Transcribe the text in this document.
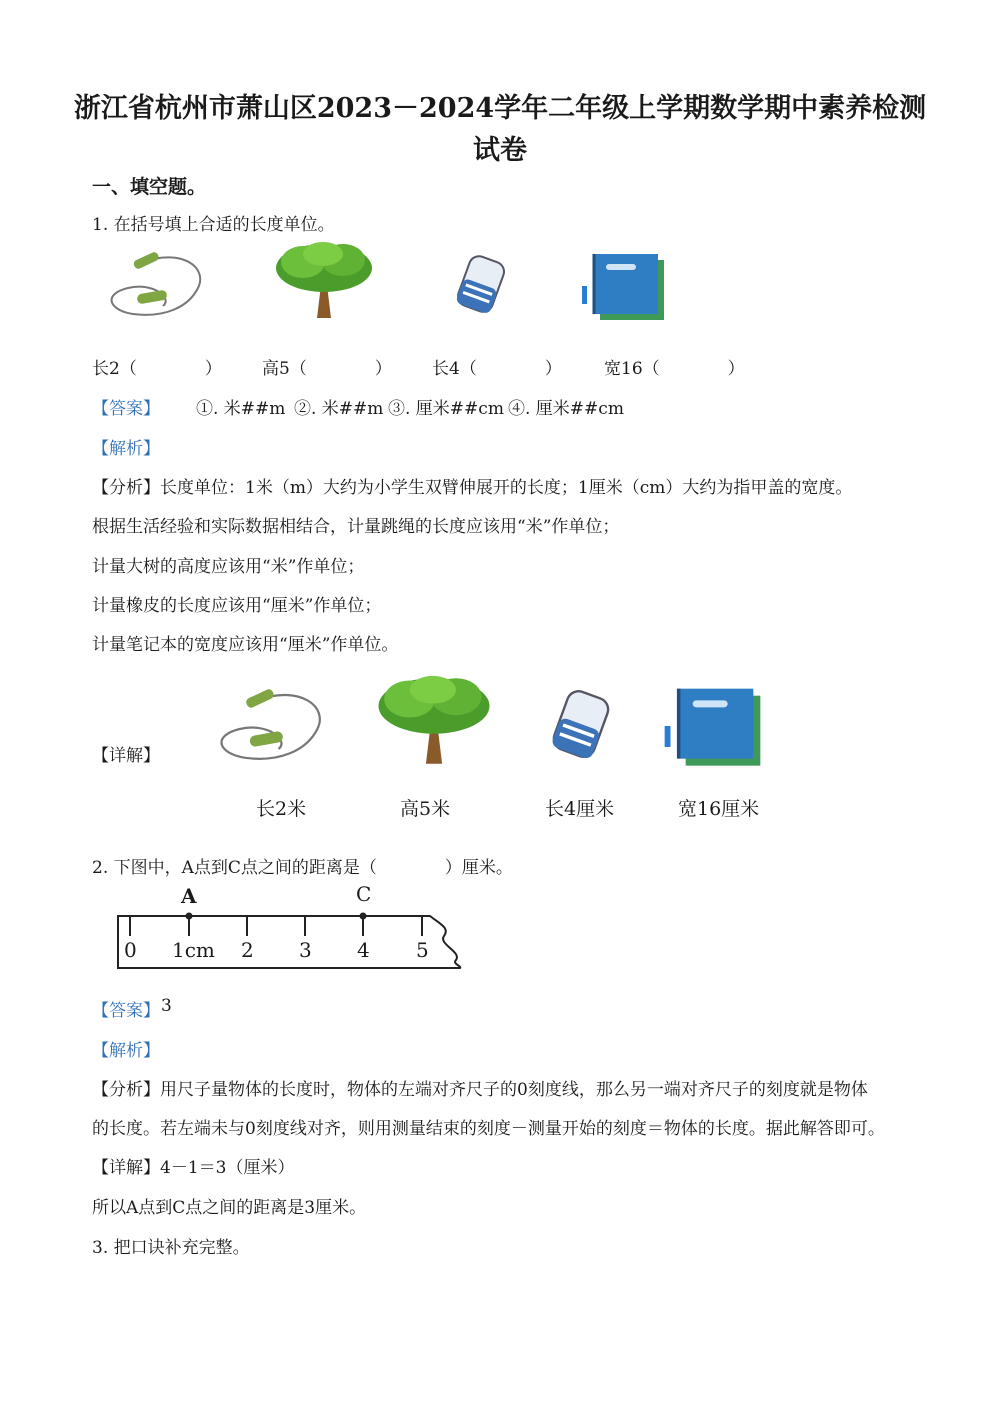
浙江省杭州市萧山区2023－2024学年二年级上学期数学期中素养检测
试卷
一、填空题。
1. 在括号填上合适的长度单位。
长2（　　　　） 高5（　　　　） 长4（　　　　） 宽16（　　　　）
【答案】 ①. 米##m ②. 米##m ③. 厘米##cm ④. 厘米##cm
【解析】
【分析】长度单位：1米（m）大约为小学生双臂伸展开的长度；1厘米（cm）大约为指甲盖的宽度。
根据生活经验和实际数据相结合，计量跳绳的长度应该用“米”作单位；
计量大树的高度应该用“米”作单位；
计量橡皮的长度应该用“厘米”作单位；
计量笔记本的宽度应该用“厘米”作单位。
【详解】
长2米	高5米	长4厘米	宽16厘米
2. 下图中，A点到C点之间的距离是（　　　　）厘米。
A	C
0 1cm 2 3 4 5
【答案】 3
【解析】
【分析】用尺子量物体的长度时，物体的左端对齐尺子的0刻度线，那么另一端对齐尺子的刻度就是物体
的长度。若左端未与0刻度线对齐，则用测量结束的刻度－测量开始的刻度＝物体的长度。据此解答即可。
【详解】4－1＝3（厘米）
所以A点到C点之间的距离是3厘米。
3. 把口诀补充完整。
